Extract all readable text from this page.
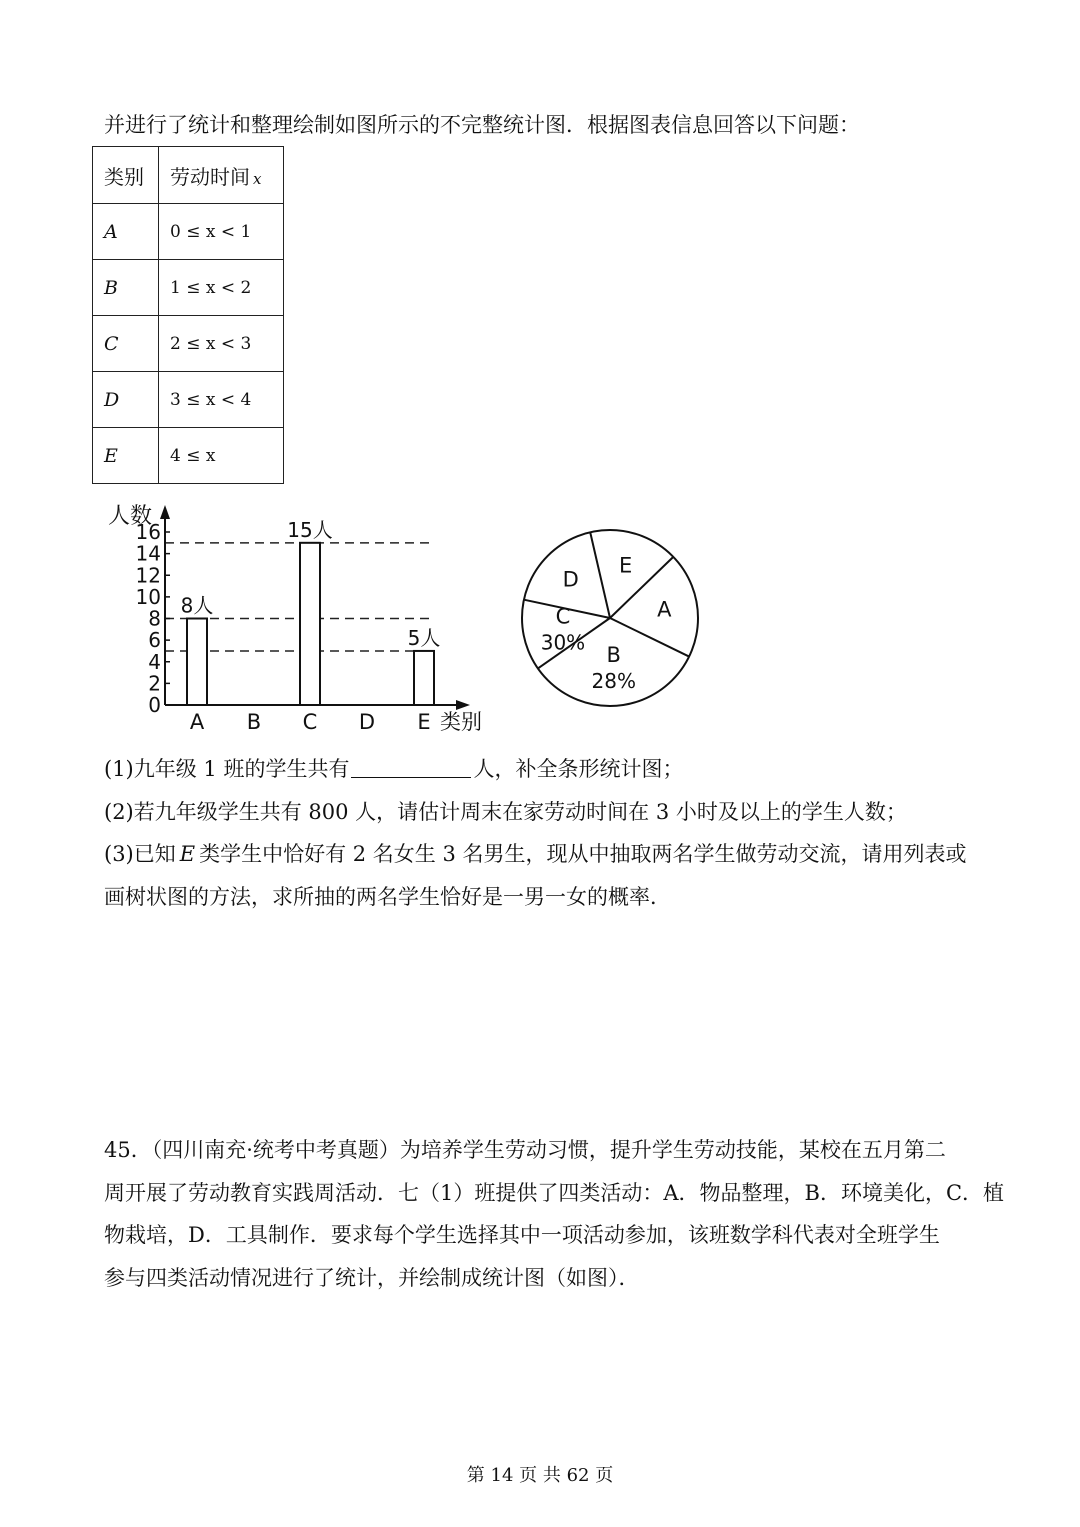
并进行了统计和整理绘制如图所示的不完整统计图．根据图表信息回答以下问题：
类别	劳动时间 x
A	0 ≤ x < 1
B	1 ≤ x < 2
C	2 ≤ x < 3
D	3 ≤ x < 4
E	4 ≤ x
0
2
4
6
8
10
12
14
16
人数
8人
A B
15人
C D
5人
E 类别
A
E
D
C
30%
B
28%
(1)九年级 1 班的学生共有	人，补全条形统计图；
(2)若九年级学生共有 800 人，请估计周末在家劳动时间在 3 小时及以上的学生人数；
(3)已知 E 类学生中恰好有 2 名女生 3 名男生，现从中抽取两名学生做劳动交流，请用列表或
画树状图的方法，求所抽的两名学生恰好是一男一女的概率．
45．（四川南充·统考中考真题）为培养学生劳动习惯，提升学生劳动技能，某校在五月第二
周开展了劳动教育实践周活动．七（1）班提供了四类活动：A．物品整理，B．环境美化，C．植
物栽培，D．工具制作．要求每个学生选择其中一项活动参加，该班数学科代表对全班学生
参与四类活动情况进行了统计，并绘制成统计图（如图）．
第 14 页 共 62 页
